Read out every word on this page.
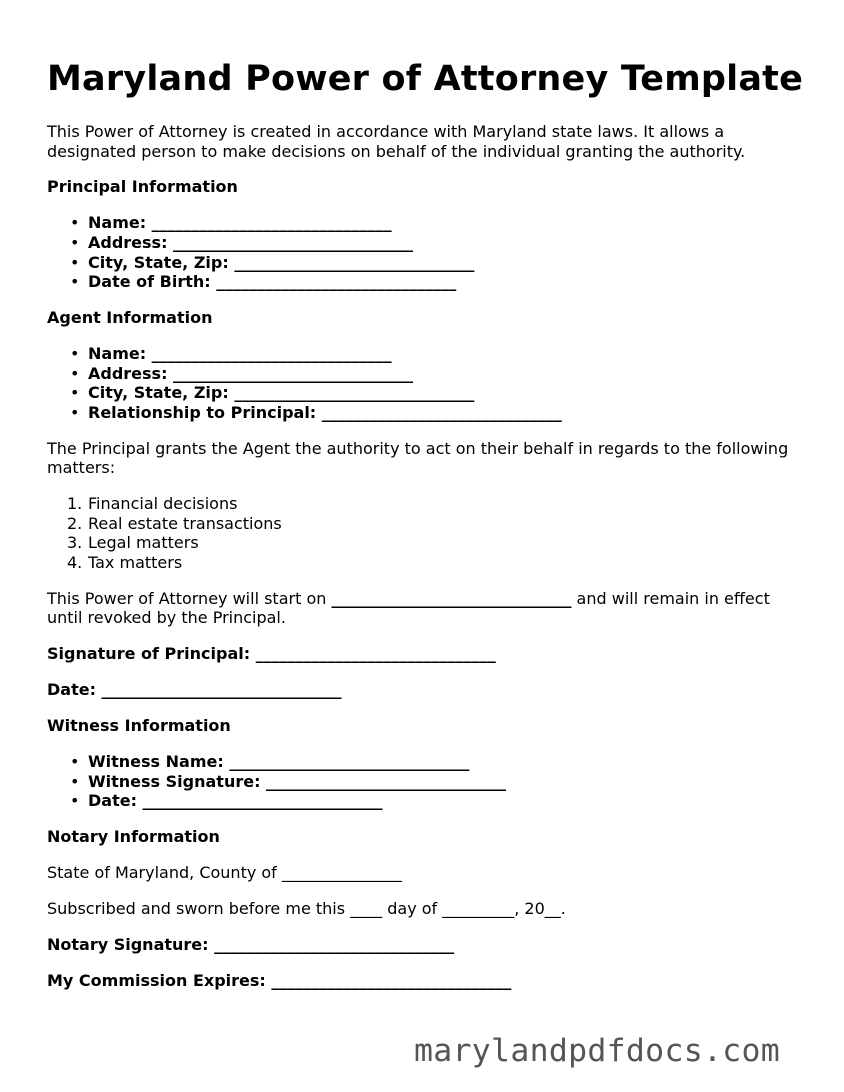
Maryland Power of Attorney Template
This Power of Attorney is created in accordance with Maryland state laws. It allows a designated person to make decisions on behalf of the individual granting the authority.
Principal Information
• Name: ______________________________
• Address: ______________________________
• City, State, Zip: ______________________________
• Date of Birth: ______________________________
Agent Information
• Name: ______________________________
• Address: ______________________________
• City, State, Zip: ______________________________
• Relationship to Principal: ______________________________
The Principal grants the Agent the authority to act on their behalf in regards to the following matters:
1. Financial decisions
2. Real estate transactions
3. Legal matters
4. Tax matters
This Power of Attorney will start on ______________________________ and will remain in effect until revoked by the Principal.
Signature of Principal: ______________________________
Date: ______________________________
Witness Information
• Witness Name: ______________________________
• Witness Signature: ______________________________
• Date: ______________________________
Notary Information
State of Maryland, County of _______________
Subscribed and sworn before me this ____ day of _________, 20__.
Notary Signature: ______________________________
My Commission Expires: ______________________________
marylandpdfdocs.com
